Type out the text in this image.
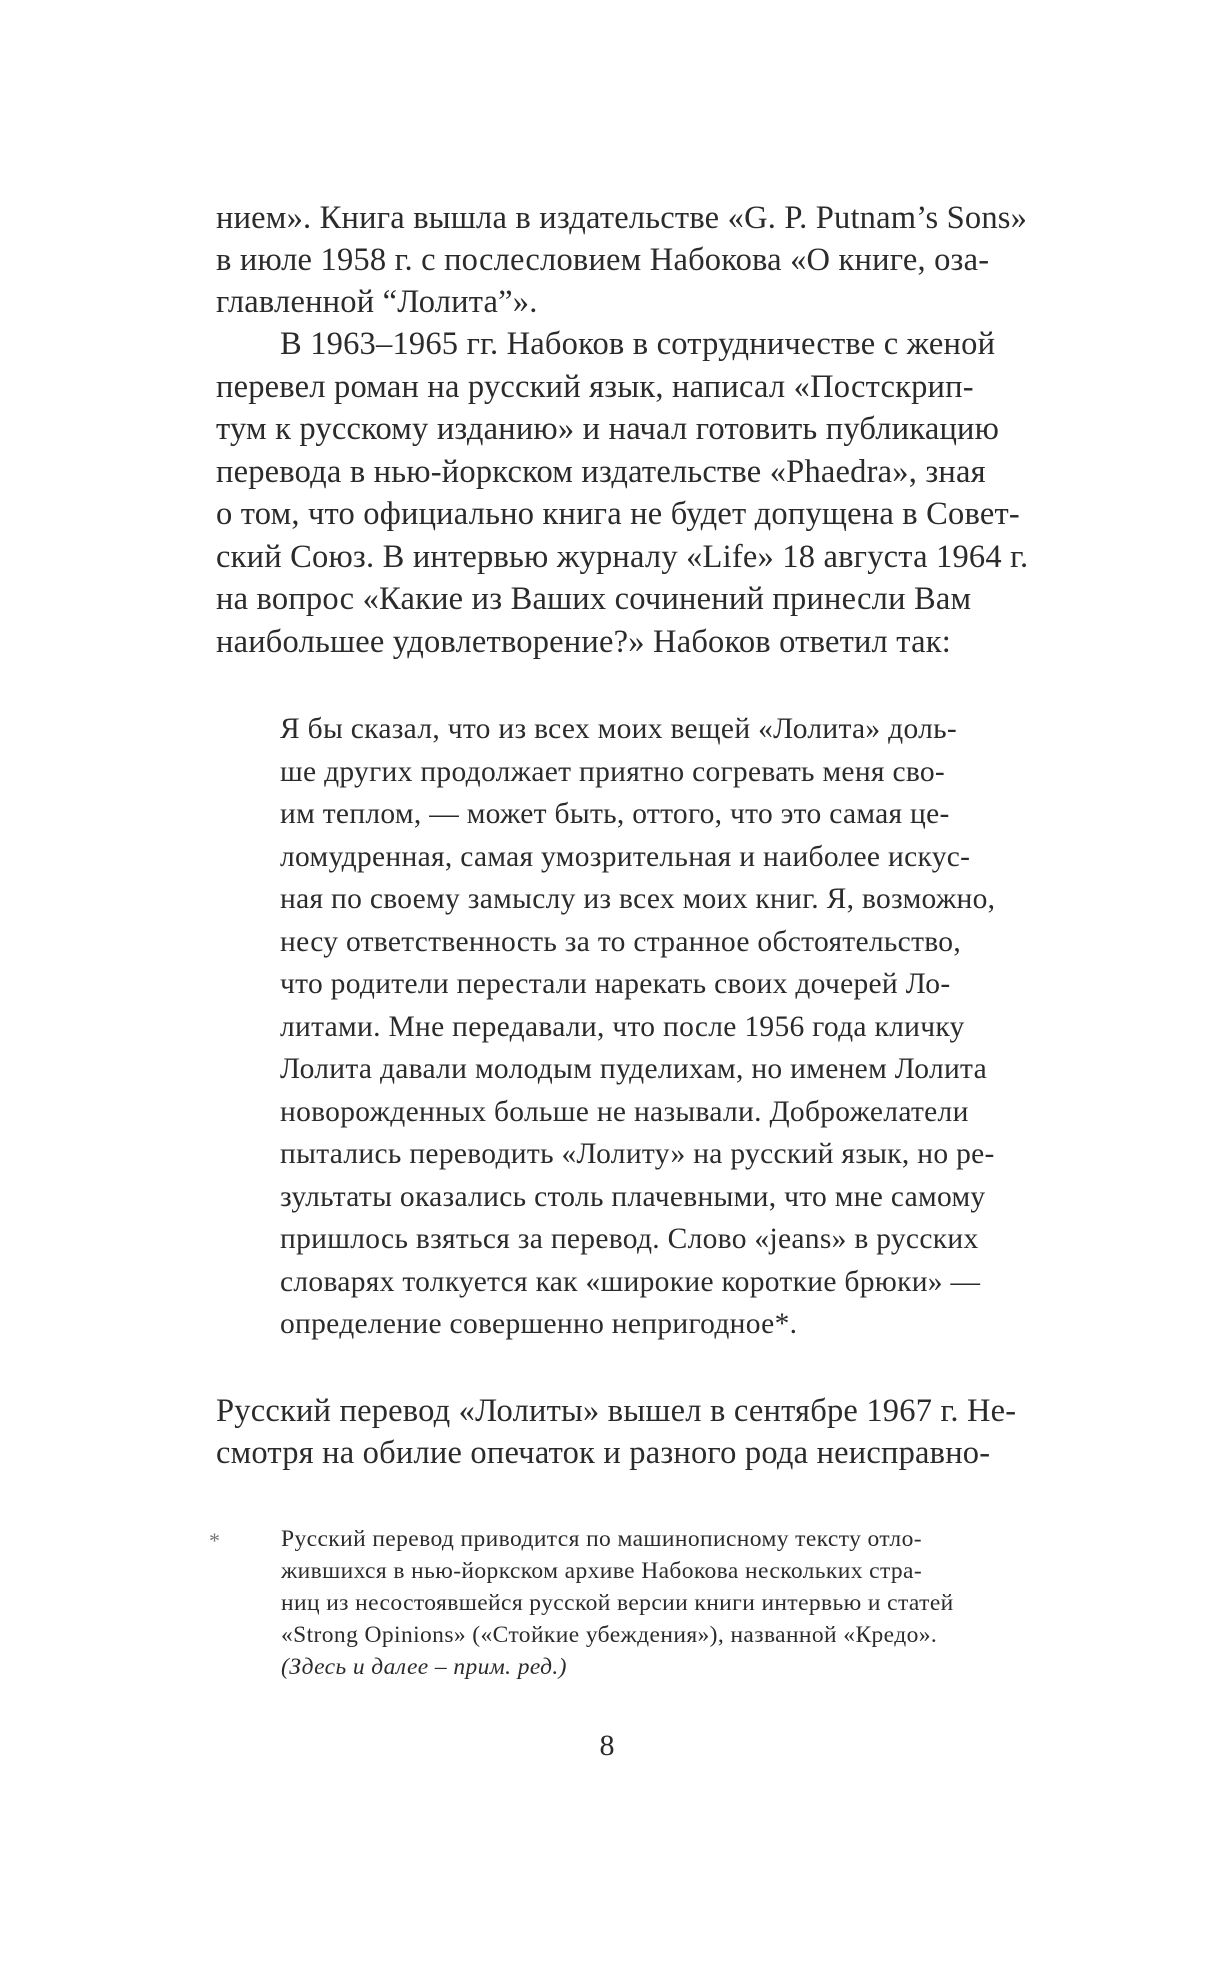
нием». Книга вышла в издательстве «G. P. Putnam’s Sons»
в июле 1958 г. с послесловием Набокова «О книге, оза-
главленной “Лолита”».
В 1963–1965 гг. Набоков в сотрудничестве с женой
перевел роман на русский язык, написал «Постскрип-
тум к русскому изданию» и начал готовить публикацию
перевода в нью-йоркском издательстве «Phaedra», зная
о том, что официально книга не будет допущена в Совет-
ский Союз. В интервью журналу «Life» 18 августа 1964 г.
на вопрос «Какие из Ваших сочинений принесли Вам
наибольшее удовлетворение?» Набоков ответил так:
Я бы сказал, что из всех моих вещей «Лолита» доль-
ше других продолжает приятно согревать меня сво-
им теплом, — может быть, оттого, что это самая це-
ломудренная, самая умозрительная и наиболее искус-
ная по своему замыслу из всех моих книг. Я, возможно,
несу ответственность за то странное обстоятельство,
что родители перестали нарекать своих дочерей Ло-
литами. Мне передавали, что после 1956 года кличку
Лолита давали молодым пуделихам, но именем Лолита
новорожденных больше не называли. Доброжелатели
пытались переводить «Лолиту» на русский язык, но ре-
зультаты оказались столь плачевными, что мне самому
пришлось взяться за перевод. Слово «jeans» в русских
словарях толкуется как «широкие короткие брюки» —
определение совершенно непригодное*.
Русский перевод «Лолиты» вышел в сентябре 1967 г. Не-
смотря на обилие опечаток и разного рода неисправно-
*	Русский перевод приводится по машинописному тексту отло-
жившихся в нью-йоркском архиве Набокова нескольких стра-
ниц из несостоявшейся русской версии книги интервью и статей
«Strong Opinions» («Стойкие убеждения»), названной «Кредо».
(Здесь и далее – прим. ред.)
8
